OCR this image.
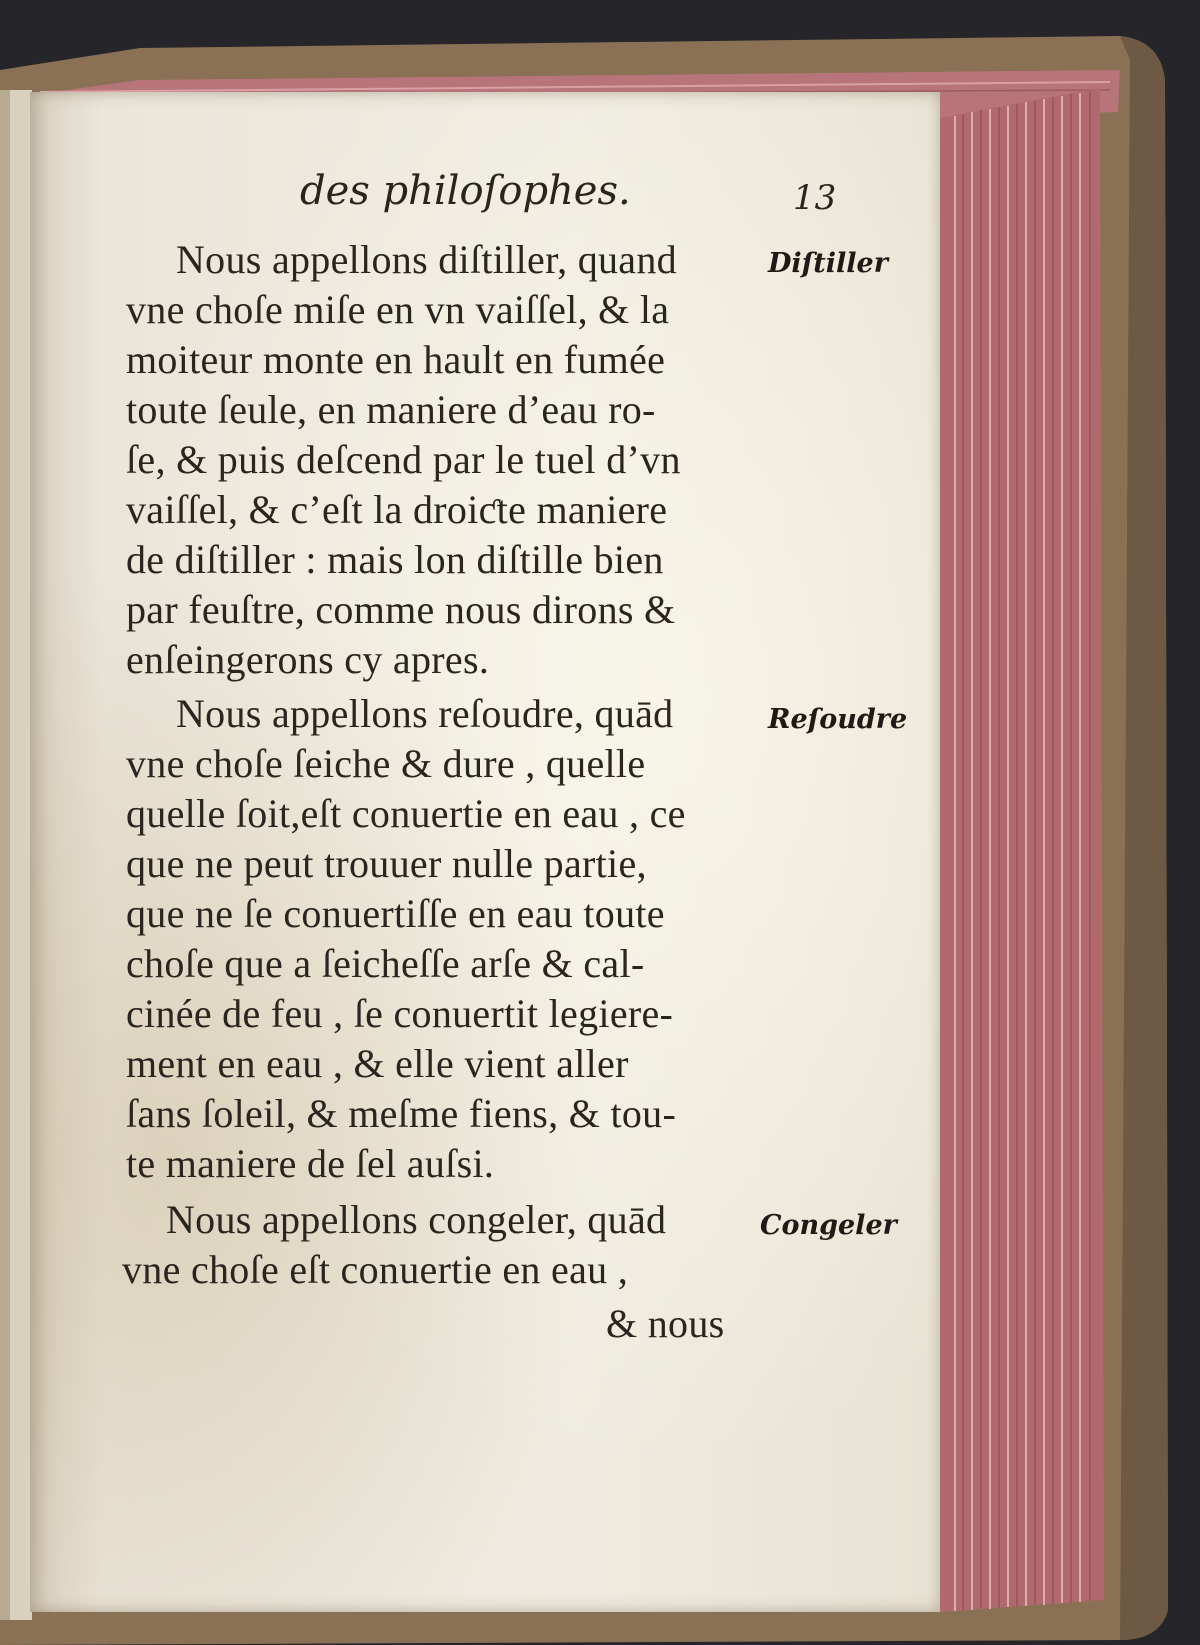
des philoſophes.	13
Nous appellons diſtiller, quand
vne choſe miſe en vn vaiſſel, & la
moiteur monte en hault en fumée
toute ſeule, en maniere d’eau ro-
ſe, & puis deſcend par le tuel d’vn
vaiſſel, & c’eſt la droiƈte maniere
de diſtiller : mais lon diſtille bien
par feuſtre, comme nous dirons &
enſeingerons cy apres.
Nous appellons reſoudre, quād
vne choſe ſeiche & dure , quelle
quelle ſoit,eſt conuertie en eau , ce
que ne peut trouuer nulle partie,
que ne ſe conuertiſſe en eau toute
choſe que a ſeicheſſe arſe & cal-
cinée de feu , ſe conuertit legiere-
ment en eau , & elle vient aller
ſans ſoleil, & meſme fiens, & tou-
te maniere de ſel auſsi.
Nous appellons congeler, quād
vne choſe eſt conuertie en eau ,
& nous
Diſtiller
Reſoudre
Congeler
